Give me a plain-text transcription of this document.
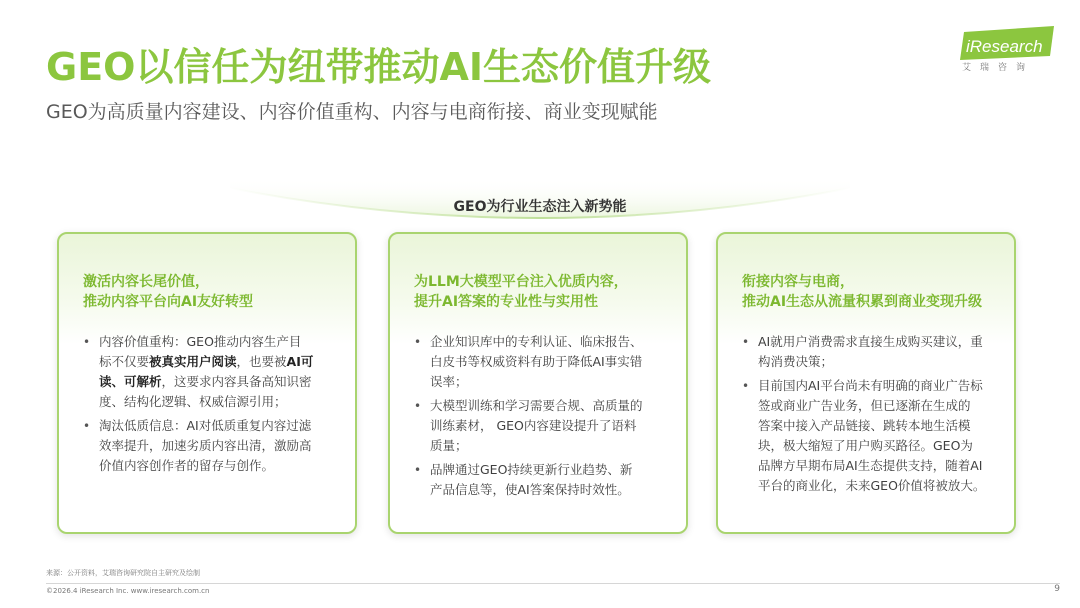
GEO以信任为纽带推动AI生态价值升级
GEO为高质量内容建设、内容价值重构、内容与电商衔接、商业变现赋能
iResearch
艾瑞咨询
GEO为行业生态注入新势能
激活内容长尾价值，
推动内容平台向AI友好转型
• 内容价值重构：GEO推动内容生产目
标不仅要被真实用户阅读，也要被AI可
读、可解析，这要求内容具备高知识密
度、结构化逻辑、权威信源引用；
• 淘汰低质信息：AI对低质重复内容过滤
效率提升，加速劣质内容出清，激励高
价值内容创作者的留存与创作。
为LLM大模型平台注入优质内容，
提升AI答案的专业性与实用性
• 企业知识库中的专利认证、临床报告、
白皮书等权威资料有助于降低AI事实错
误率；
• 大模型训练和学习需要合规、高质量的
训练素材， GEO内容建设提升了语料
质量；
• 品牌通过GEO持续更新行业趋势、新
产品信息等，使AI答案保持时效性。
衔接内容与电商，
推动AI生态从流量积累到商业变现升级
• AI就用户消费需求直接生成购买建议，重
构消费决策；
• 目前国内AI平台尚未有明确的商业广告标
签或商业广告业务，但已逐渐在生成的
答案中接入产品链接、跳转本地生活模
块，极大缩短了用户购买路径。GEO为
品牌方早期布局AI生态提供支持，随着AI
平台的商业化，未来GEO价值将被放大。
来源：公开资料，艾瑞咨询研究院自主研究及绘制
©2026.4 iResearch Inc. www.iresearch.com.cn	9
